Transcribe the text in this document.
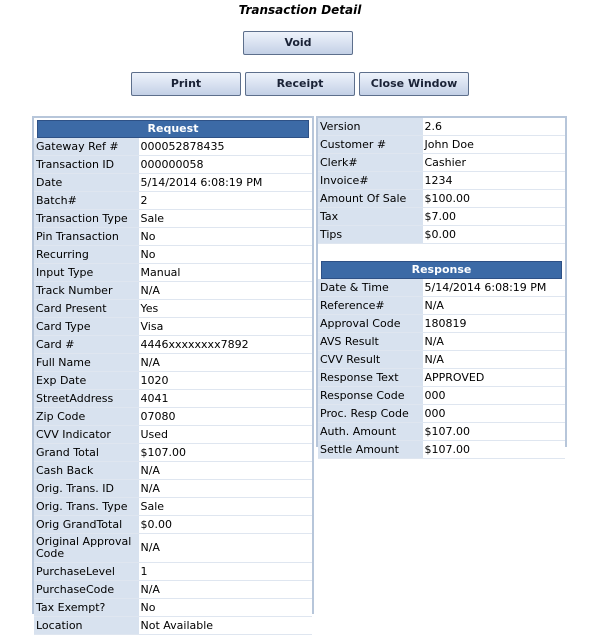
Transaction Detail
Void
Print	Receipt	Close Window
Request
Gateway Ref #	000052878435
Transaction ID	000000058
Date	5/14/2014 6:08:19 PM
Batch#	2
Transaction Type	Sale
Pin Transaction	No
Recurring	No
Input Type	Manual
Track Number	N/A
Card Present	Yes
Card Type	Visa
Card #	4446xxxxxxxx7892
Full Name	N/A
Exp Date	1020
StreetAddress	4041
Zip Code	07080
CVV Indicator	Used
Grand Total	$107.00
Cash Back	N/A
Orig. Trans. ID	N/A
Orig. Trans. Type	Sale
Orig GrandTotal	$0.00
Original Approval Code	N/A
PurchaseLevel	1
PurchaseCode	N/A
Tax Exempt?	No
Location	Not Available
Version	2.6
Customer #	John Doe
Clerk#	Cashier
Invoice#	1234
Amount Of Sale	$100.00
Tax	$7.00
Tips	$0.00
Response
Date & Time	5/14/2014 6:08:19 PM
Reference#	N/A
Approval Code	180819
AVS Result	N/A
CVV Result	N/A
Response Text	APPROVED
Response Code	000
Proc. Resp Code	000
Auth. Amount	$107.00
Settle Amount	$107.00
